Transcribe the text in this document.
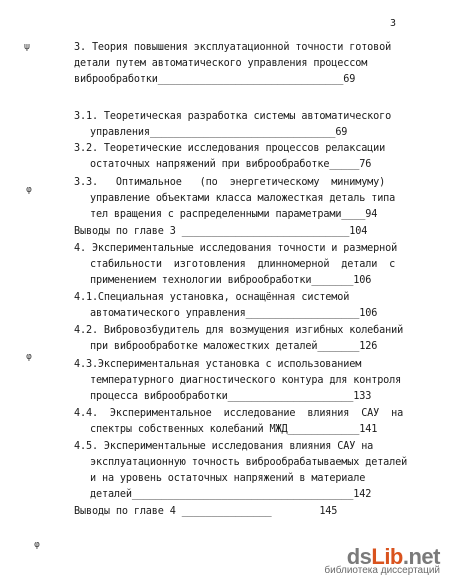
3
ψ
φ
φ
φ
3. Теория повышения эксплуатационной точности готовой
детали путем автоматического управления процессом
виброобработки_______________________________69
3.1. Теоретическая разработка системы автоматического
управления_______________________________69
3.2. Теоретические исследования процессов релаксации
остаточных напряжений при виброобработке_____76
3.3.   Оптимальное   (по  энергетическому  минимуму)
управление объектами класса маложесткая деталь типа
тел вращения с распределенными параметрами____94
Выводы по главе 3 ____________________________104
4. Экспериментальные исследования точности и размерной
стабильности  изготовления  длинномерной  детали  с
применением технологии виброобработки_______106
4.1.Специальная установка, оснащённая системой
автоматического управления___________________106
4.2. Вибровозбудитель для возмущения изгибных колебаний
при виброобработке маложестких деталей_______126
4.3.Экспериментальная установка с использованием
температурного диагностического контура для контроля
процесса виброобработки_____________________133
4.4.  Экспериментальное  исследование  влияния  САУ  на
спектры собственных колебаний МЖД____________141
4.5. Экспериментальные исследования влияния САУ на
эксплуатационную точность виброобрабатываемых деталей
и на уровень остаточных напряжений в материале
деталей_____________________________________142
Выводы по главе 4 _______________        145
ds Lib .net
библиотека диссертаций
